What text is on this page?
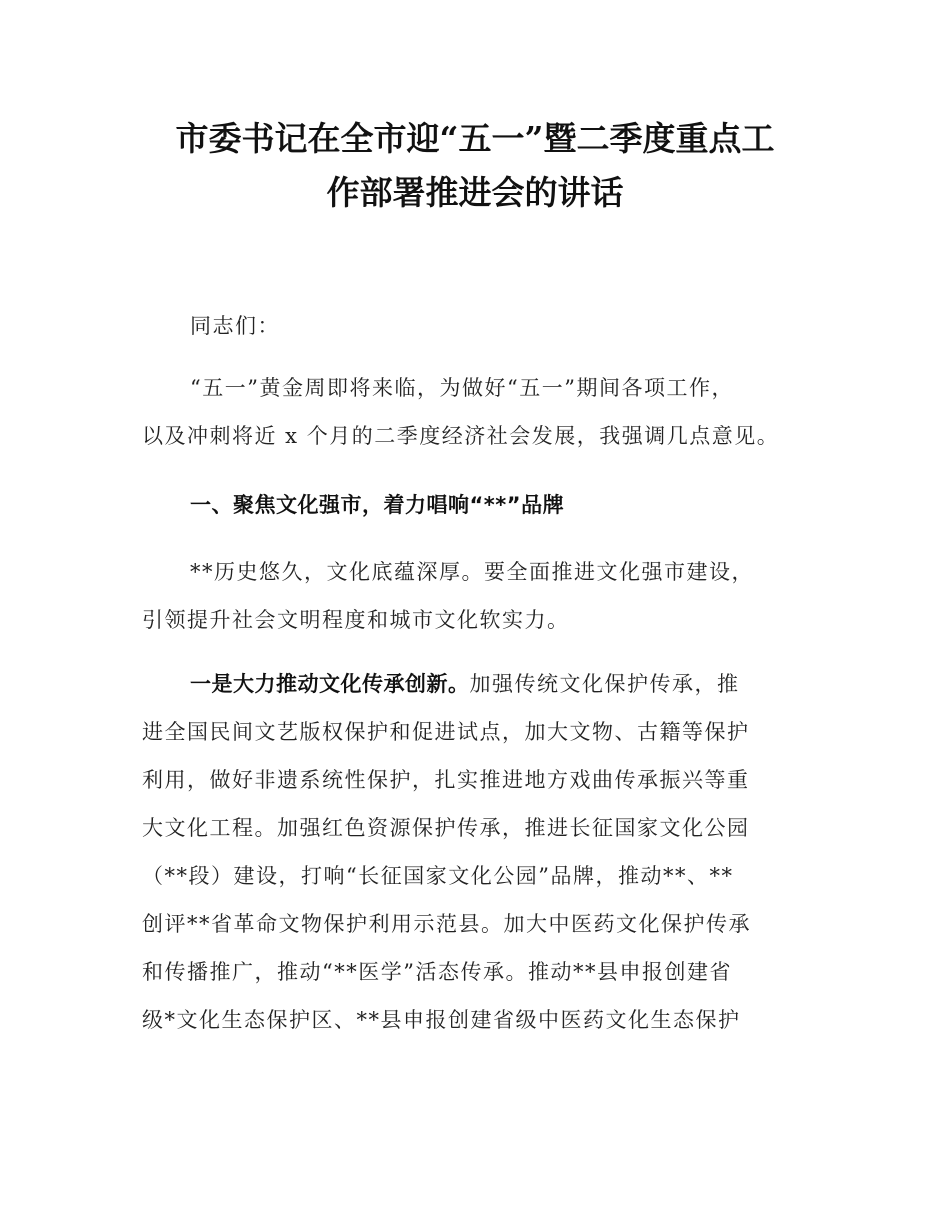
市委书记在全市迎“五一”暨二季度重点工
作部署推进会的讲话
同志们：
“五一”黄金周即将来临，为做好“五一”期间各项工作，
以及冲刺将近 x 个月的二季度经济社会发展，我强调几点意见。
一、聚焦文化强市，着力唱响“**”品牌
**历史悠久，文化底蕴深厚。要全面推进文化强市建设，
引领提升社会文明程度和城市文化软实力。
一是大力推动文化传承创新。加强传统文化保护传承，推
进全国民间文艺版权保护和促进试点，加大文物、古籍等保护
利用，做好非遗系统性保护，扎实推进地方戏曲传承振兴等重
大文化工程。加强红色资源保护传承，推进长征国家文化公园
（**段）建设，打响“长征国家文化公园”品牌，推动**、**
创评**省革命文物保护利用示范县。加大中医药文化保护传承
和传播推广，推动“**医学”活态传承。推动**县申报创建省
级*文化生态保护区、**县申报创建省级中医药文化生态保护
